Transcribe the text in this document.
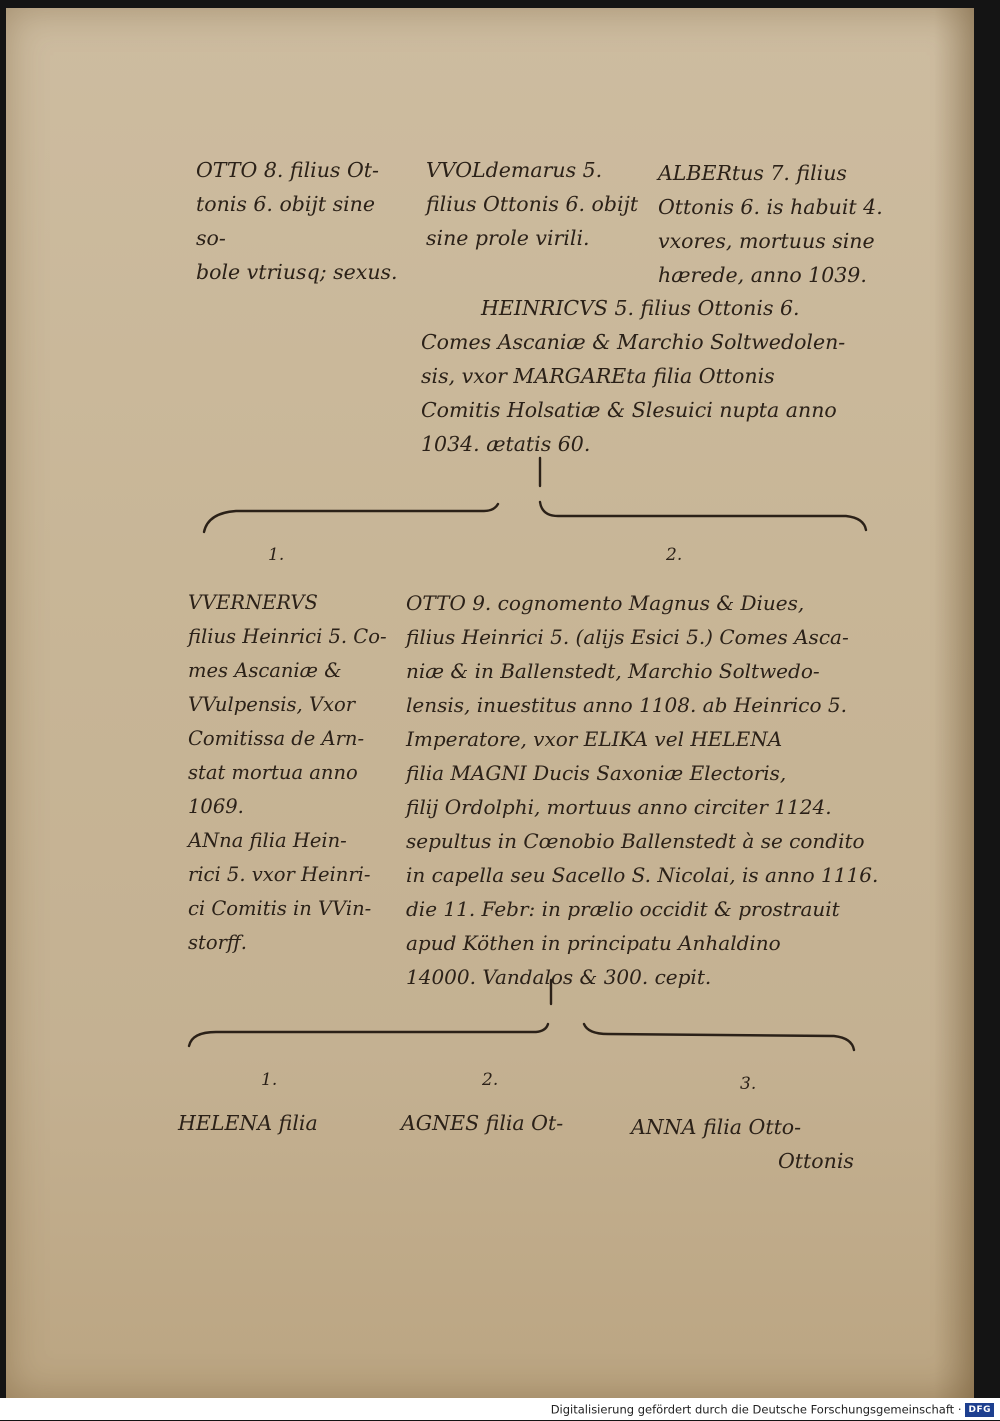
OTTO 8. filius Ot-
tonis 6. obijt sine so-
bole vtriusq; sexus.

VVOLdemarus 5.
filius Ottonis 6. obijt
sine prole virili.

ALBERtus 7. filius
Ottonis 6. is habuit 4.
vxores, mortuus sine
hærede, anno 1039.

HEINRICVS 5. filius Ottonis 6.
Comes Ascaniæ & Marchio Soltwedolen-
sis, vxor MARGAREta filia Ottonis
Comitis Holsatiæ & Slesuici nupta anno
1034. ætatis 60.

1.	2.

VVERNERVS
filius Heinrici 5. Co-
mes Ascaniæ &
VVulpensis, Vxor
Comitissa de Arn-
stat mortua anno
1069.
ANna filia Hein-
rici 5. vxor Heinri-
ci Comitis in VVin-
storff.

OTTO 9. cognomento Magnus & Diues,
filius Heinrici 5. (alijs Esici 5.) Comes Asca-
niæ & in Ballenstedt, Marchio Soltwedo-
lensis, inuestitus anno 1108. ab Heinrico 5.
Imperatore, vxor ELIKA vel HELENA
filia MAGNI Ducis Saxoniæ Electoris,
filij Ordolphi, mortuus anno circiter 1124.
sepultus in Cœnobio Ballenstedt à se condito
in capella seu Sacello S. Nicolai, is anno 1116.
die 11. Febr: in prælio occidit & prostrauit
apud Köthen in principatu Anhaldino
14000. Vandalos & 300. cepit.

1.	2.	3.

HELENA filia	AGNES filia Ot-	ANNA filia Otto-

Ottonis

Digitalisierung gefördert durch die Deutsche Forschungsgemeinschaft · DFG
